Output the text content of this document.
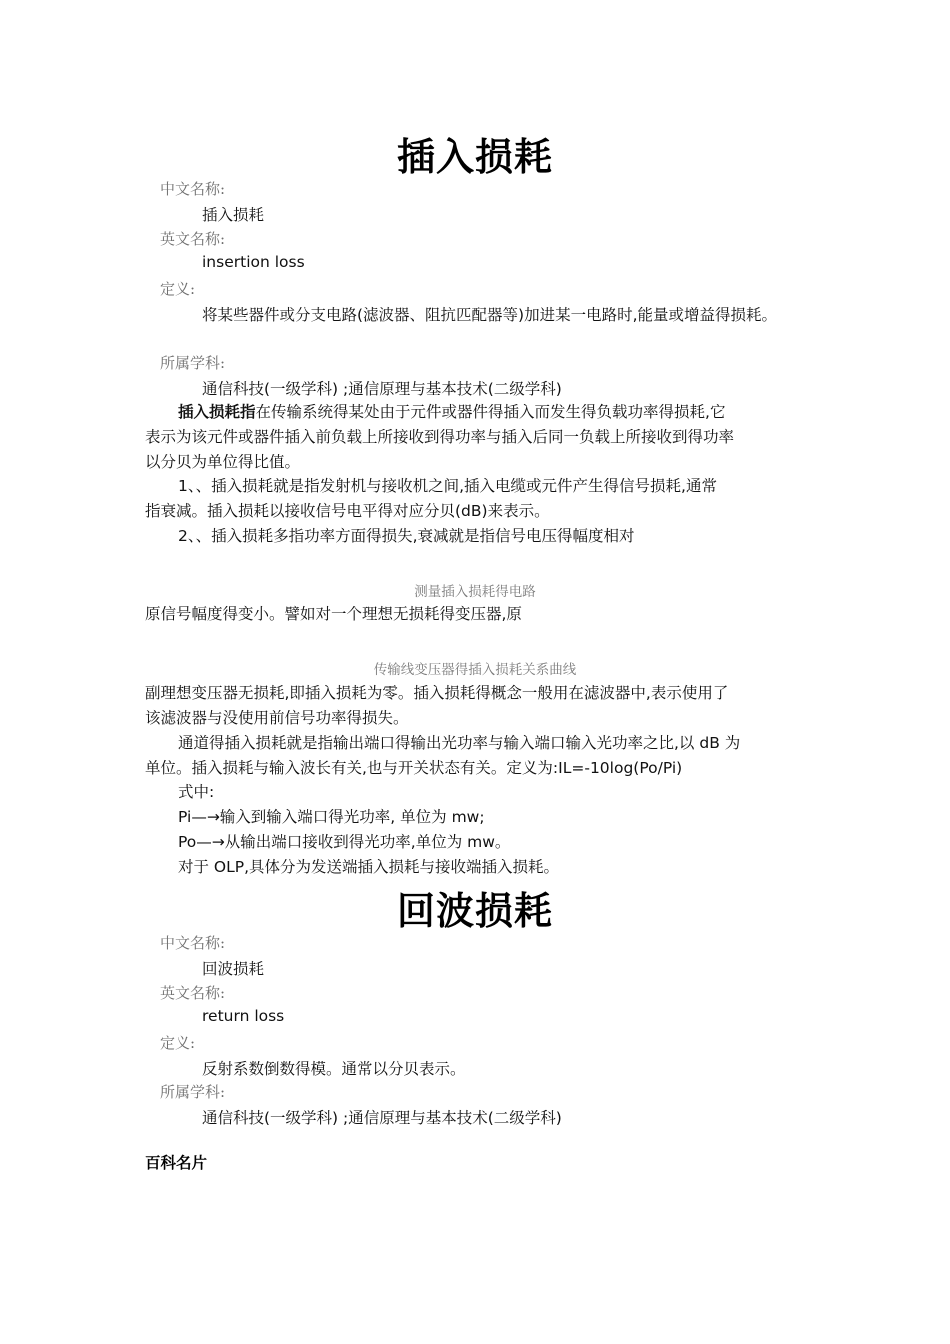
插入损耗
中文名称:
插入损耗
英文名称:
insertion loss
定义:
将某些器件或分支电路(滤波器、阻抗匹配器等)加进某一电路时,能量或增益得损耗。
所属学科:
通信科技(一级学科) ;通信原理与基本技术(二级学科)
插入损耗指在传输系统得某处由于元件或器件得插入而发生得负载功率得损耗,它
表示为该元件或器件插入前负载上所接收到得功率与插入后同一负载上所接收到得功率
以分贝为单位得比值。
1、、插入损耗就是指发射机与接收机之间,插入电缆或元件产生得信号损耗,通常
指衰减。插入损耗以接收信号电平得对应分贝(dB)来表示。
2、、插入损耗多指功率方面得损失,衰减就是指信号电压得幅度相对
测量插入损耗得电路
原信号幅度得变小。譬如对一个理想无损耗得变压器,原
传输线变压器得插入损耗关系曲线
副理想变压器无损耗,即插入损耗为零。插入损耗得概念一般用在滤波器中,表示使用了
该滤波器与没使用前信号功率得损失。
通道得插入损耗就是指输出端口得输出光功率与输入端口输入光功率之比,以 dB 为
单位。插入损耗与输入波长有关,也与开关状态有关。定义为:IL=-10log(Po/Pi)
式中:
Pi—→输入到输入端口得光功率, 单位为 mw;
Po—→从输出端口接收到得光功率,单位为 mw。
对于 OLP,具体分为发送端插入损耗与接收端插入损耗。
回波损耗
中文名称:
回波损耗
英文名称:
return loss
定义:
反射系数倒数得模。通常以分贝表示。
所属学科:
通信科技(一级学科) ;通信原理与基本技术(二级学科)
百科名片
